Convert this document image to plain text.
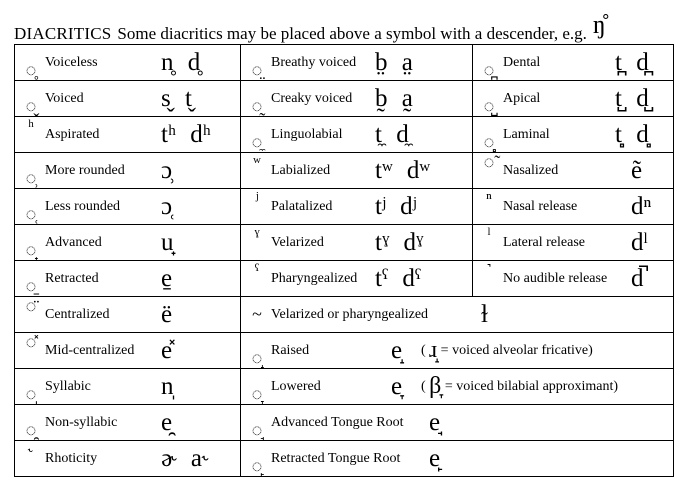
DIACRITICS Some diacritics may be placed above a symbol with a descender, e.g. ŋ̊
◌̥ Voiceless n̥ d̥	◌̤ Breathy voiced b̤ a̤	◌̪ Dental t̪ d̪

◌̬ Voiced s̬ t̬	◌̰ Creaky voiced b̰ a̰	◌̺ Apical t̺ d̺

ʰ Aspirated tʰ dʰ	◌̼ Linguolabial t̼ d̼	◌̻ Laminal t̻ d̻

◌̹ More rounded ɔ̹	ʷ Labialized tʷ dʷ	◌̃ Nasalized ẽ

◌̜ Less rounded ɔ̜	ʲ Palatalized tʲ dʲ	ⁿ Nasal release dⁿ

◌̟ Advanced u̟	ˠ Velarized tˠ dˠ	ˡ Lateral release dˡ

◌̠ Retracted e̠	ˤ Pharyngealized tˤ dˤ	˺ No audible release d̚

◌̈ Centralized ë	~ Velarized or pharyngealized ɫ	

◌̽ Mid-centralized e̽	◌̝ Raised e̝ ( ɹ̝ = voiced alveolar fricative)	

◌̩ Syllabic n̩	◌̞ Lowered e̞ ( β̞ = voiced bilabial approximant)	

◌̯ Non-syllabic e̯	◌̘ Advanced Tongue Root e̘	

˞ Rhoticity ɚ a˞	◌̙ Retracted Tongue Root e̙	
